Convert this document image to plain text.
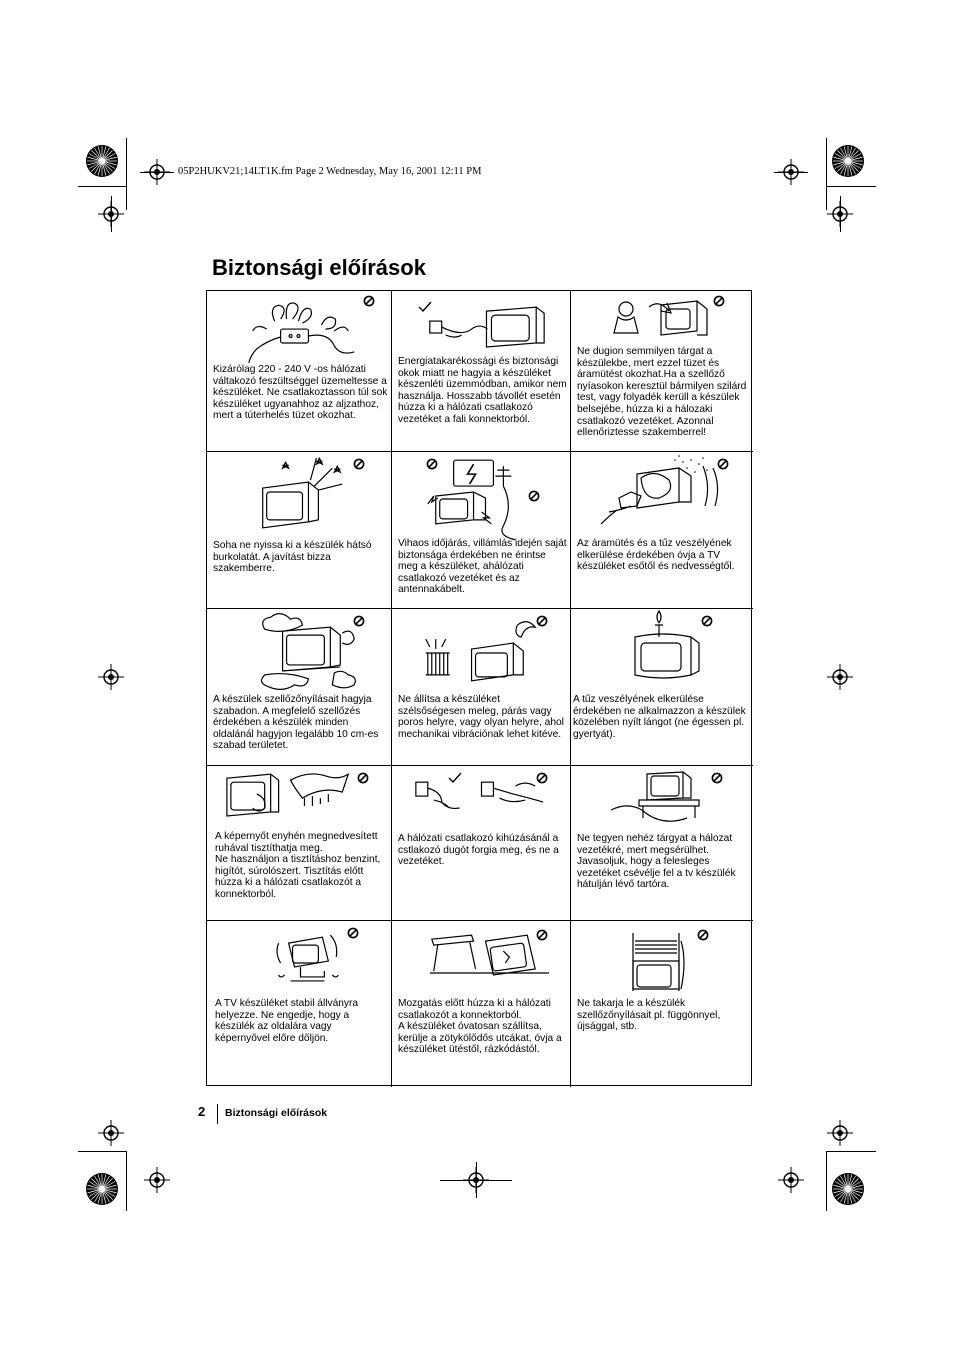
05P2HUKV21;14LT1K.fm Page 2 Wednesday, May 16, 2001 12:11 PM
Biztonsági előírások
Kizárólag 220 - 240 V -os hálózati váltakozó feszültséggel üzemeltesse a készüléket. Ne csatlakoztasson túl sok készüléket ugyanahhoz az aljzathoz, mert a túterhelés tüzet okozhat.
Energiatakarékossági és biztonsági okok miatt ne hagyia a készüléket készenléti üzemmódban, amikor nem használja. Hosszabb távollét esetén húzza ki a hálózati csatlakozó vezetéket a fali konnektorból.
Ne dugion semmilyen tárgat a készülekbe, mert ezzel tüzet és áramütést okozhat.Ha a szellőző nyíasokon keresztül bármilyen szilárd test, vagy folyadék kerüll a készülek belsejébe, húzza ki a hálozaki csatlakozó vezetéket. Azonnal ellenőriztesse szakemberrel!
Soha ne nyissa ki a készülék hátsó burkolatát. A javítást bizza szakemberre.
Vihaos időjárás, villámlás idején saját biztonsága érdekében ne érintse meg a készüléket, ahálózati csatlakozó vezetéket és az antennakábelt.
Az áramütés és a tűz veszélyének elkerülése érdekében óvja a TV készüléket esőtől és nedvességtől.
A készülek szellőzőnyílásait hagyja szabadon. A megfelelő szellőzés érdekében a készülék minden oldalánál hagyjon legalább 10 cm-es szabad területet.
Ne állítsa a készüléket szélsőségesen meleg, párás vagy poros helyre, vagy olyan helyre, ahol mechanikai vibrációnak lehet kitéve.
A tűz veszélyének elkerülése érdekében ne alkalmazzon a készülek közelében nyílt lángot (ne égessen pl. gyertyát).
A képernyőt enyhén megnedvesített ruhával tisztíthatja meg.
Ne használjon a tisztításhoz benzint, higítót, súrolószert. Tisztítás előtt húzza ki a hálózati csatlakozót a konnektorból.
A hálózati csatlakozó kihúzásánál a cstlakozó dugót forgia meg, és ne a vezetéket.
Ne tegyen nehéz tárgyat a hálozat vezetékré, mert megsérülhet. Javasoljuk, hogy a felesleges vezetéket csévélje fel a tv készülék hátulján lévő tartóra.
A TV készüléket stabil állványra helyezze. Ne engedje, hogy a készülék az oldalára vagy képernyővel előre dőljön.
Mozgatás előtt húzza ki a hálózati csatlakozót a konnektorból.
A készüléket óvatosan szállítsa, kerülje a zötykölődős utcákat, óvja a készüléket ütéstől, rázkódástól.
Ne takarja le a készülék szellőzőnyílásait pl. függönnyel, újsággal, stb.
2 Biztonsági előírások
